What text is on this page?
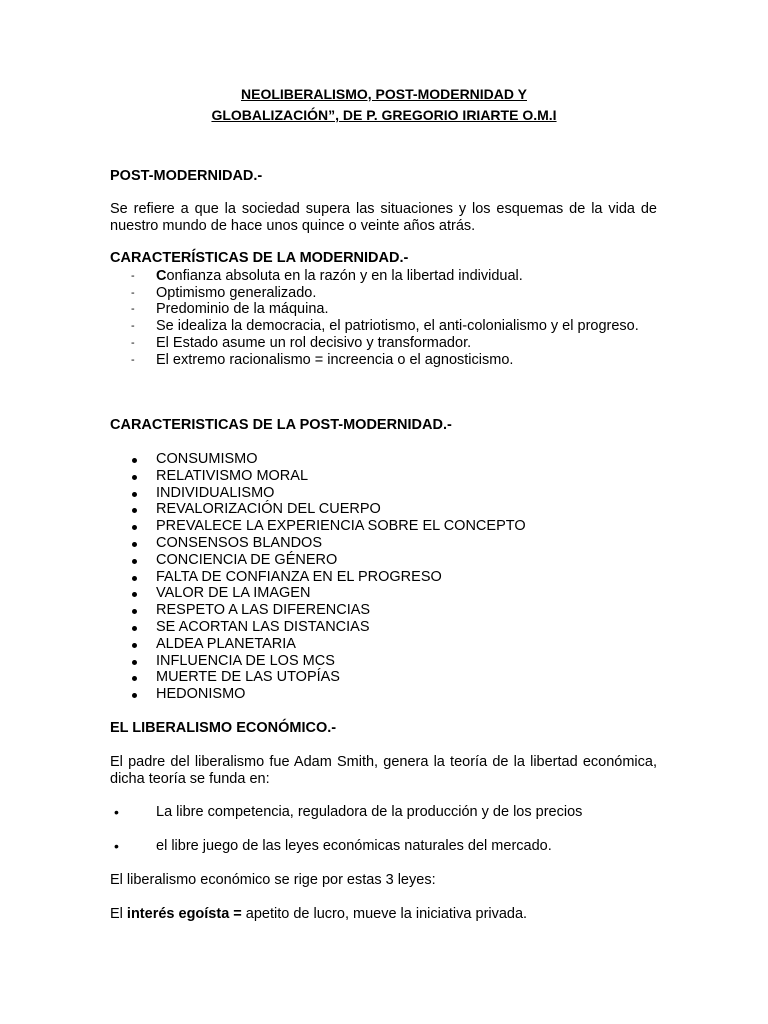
NEOLIBERALISMO, POST-MODERNIDAD Y
GLOBALIZACIÓN”, DE P. GREGORIO IRIARTE O.M.I
POST-MODERNIDAD.-
Se refiere a que la sociedad supera las situaciones y los esquemas de la vida de nuestro mundo de hace unos quince o veinte años atrás.
CARACTERÍSTICAS DE LA MODERNIDAD.-
- Confianza absoluta en la razón y en la libertad individual.
- Optimismo generalizado.
- Predominio de la máquina.
- Se idealiza la democracia, el patriotismo, el anti-colonialismo y el progreso.
- El Estado asume un rol decisivo y transformador.
- El extremo racionalismo = increencia o el agnosticismo.
CARACTERISTICAS DE LA POST-MODERNIDAD.-
CONSUMISMO
RELATIVISMO MORAL
INDIVIDUALISMO
REVALORIZACIÓN DEL CUERPO
PREVALECE LA EXPERIENCIA SOBRE EL CONCEPTO
CONSENSOS BLANDOS
CONCIENCIA DE GÉNERO
FALTA DE CONFIANZA EN EL PROGRESO
VALOR DE LA IMAGEN
RESPETO A LAS DIFERENCIAS
SE ACORTAN LAS DISTANCIAS
ALDEA PLANETARIA
INFLUENCIA DE LOS MCS
MUERTE DE LAS UTOPÍAS
HEDONISMO
EL LIBERALISMO ECONÓMICO.-
El padre del liberalismo fue Adam Smith, genera la teoría de la libertad económica, dicha teoría se funda en:
•	La libre competencia, reguladora de la producción y de los precios
•	el libre juego de las leyes económicas naturales del mercado.
El liberalismo económico se rige por estas 3 leyes:
El interés egoísta = apetito de lucro, mueve la iniciativa privada.
